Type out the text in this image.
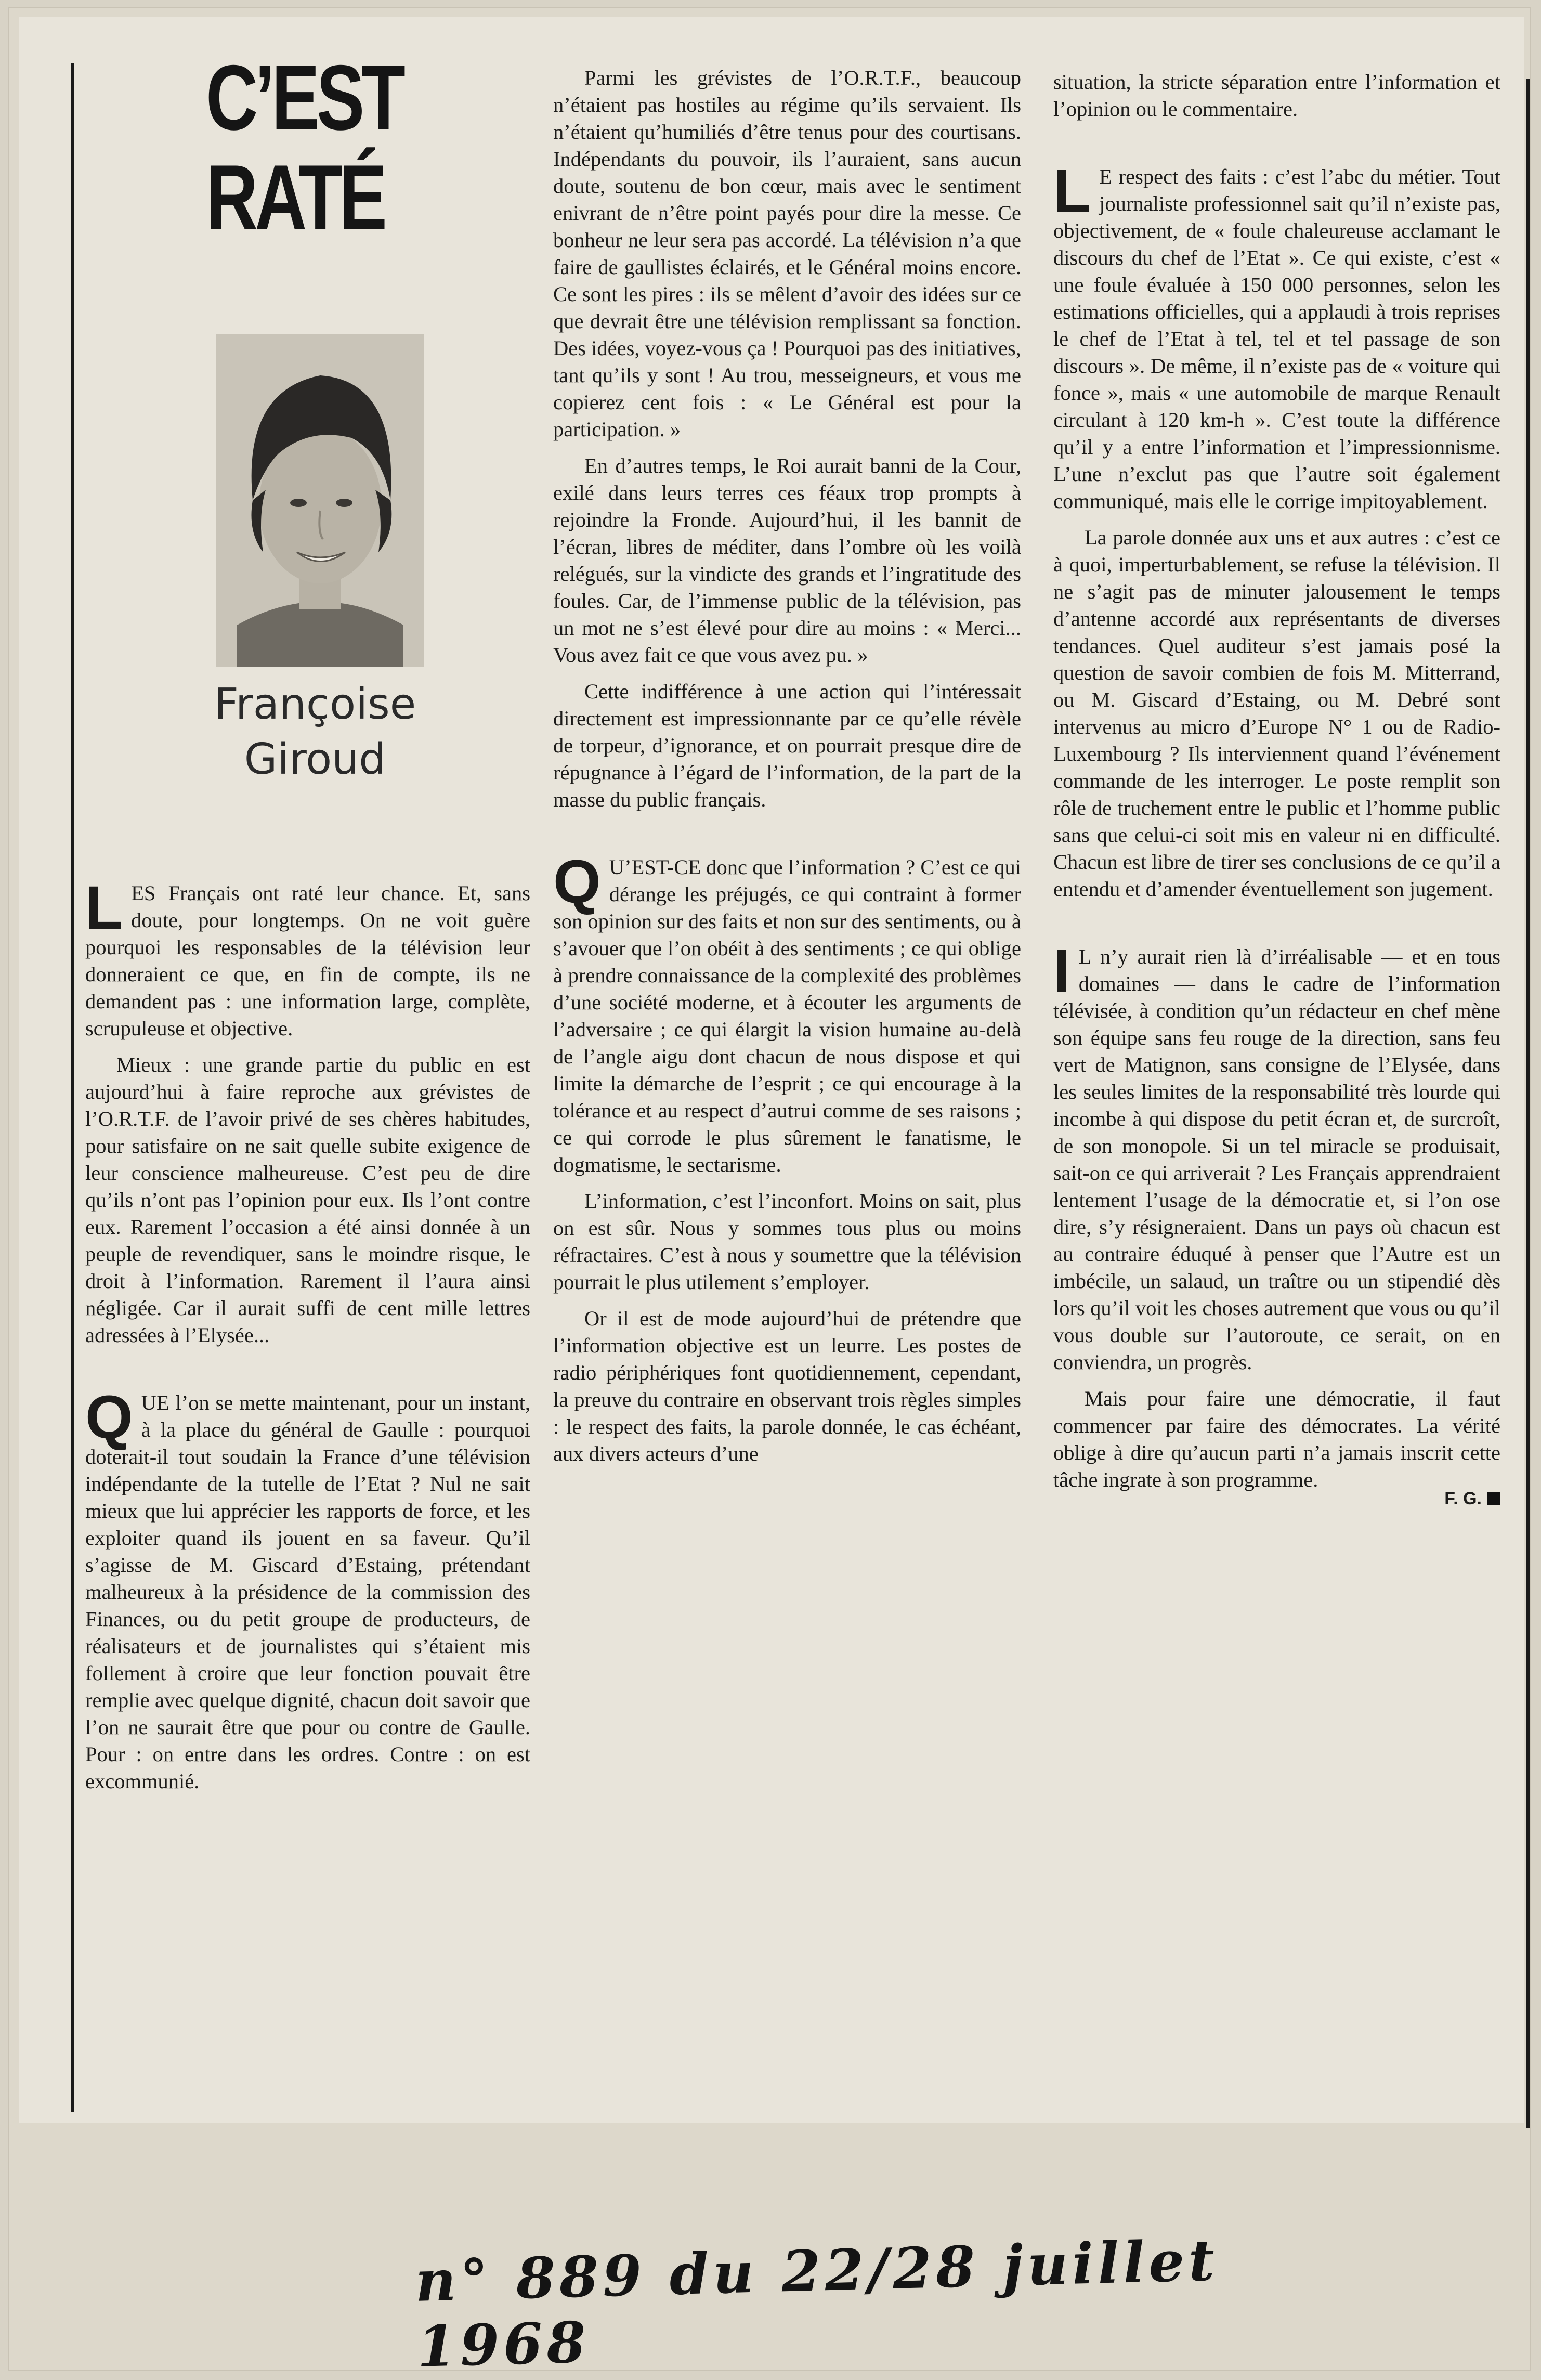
C’EST
RATÉ
Françoise
Giroud

LES Français ont raté leur chance. Et, sans doute, pour longtemps. On ne voit guère pourquoi les responsables de la télévision leur donneraient ce que, en fin de compte, ils ne demandent pas : une information large, complète, scrupuleuse et objective.

Mieux : une grande partie du public en est aujourd’hui à faire reproche aux grévistes de l’O.R.T.F. de l’avoir privé de ses chères habitudes, pour satisfaire on ne sait quelle subite exigence de leur conscience malheureuse. C’est peu de dire qu’ils n’ont pas l’opinion pour eux. Ils l’ont contre eux. Rarement l’occasion a été ainsi donnée à un peuple de revendiquer, sans le moindre risque, le droit à l’information. Rarement il l’aura ainsi négligée. Car il aurait suffi de cent mille lettres adressées à l’Elysée...

QUE l’on se mette maintenant, pour un instant, à la place du général de Gaulle : pourquoi doterait-il tout soudain la France d’une télévision indépendante de la tutelle de l’Etat ? Nul ne sait mieux que lui apprécier les rapports de force, et les exploiter quand ils jouent en sa faveur. Qu’il s’agisse de M. Giscard d’Estaing, prétendant malheureux à la présidence de la commission des Finances, ou du petit groupe de producteurs, de réalisateurs et de journalistes qui s’étaient mis follement à croire que leur fonction pouvait être remplie avec quelque dignité, chacun doit savoir que l’on ne saurait être que pour ou contre de Gaulle. Pour : on entre dans les ordres. Contre : on est excommunié.

Parmi les grévistes de l’O.R.T.F., beaucoup n’étaient pas hostiles au régime qu’ils servaient. Ils n’étaient qu’humiliés d’être tenus pour des courtisans. Indépendants du pouvoir, ils l’auraient, sans aucun doute, soutenu de bon cœur, mais avec le sentiment enivrant de n’être point payés pour dire la messe. Ce bonheur ne leur sera pas accordé. La télévision n’a que faire de gaullistes éclairés, et le Général moins encore. Ce sont les pires : ils se mêlent d’avoir des idées sur ce que devrait être une télévision remplissant sa fonction. Des idées, voyez-vous ça ! Pourquoi pas des initiatives, tant qu’ils y sont ! Au trou, messeigneurs, et vous me copierez cent fois : « Le Général est pour la participation. »

En d’autres temps, le Roi aurait banni de la Cour, exilé dans leurs terres ces féaux trop prompts à rejoindre la Fronde. Aujourd’hui, il les bannit de l’écran, libres de méditer, dans l’ombre où les voilà relégués, sur la vindicte des grands et l’ingratitude des foules. Car, de l’immense public de la télévision, pas un mot ne s’est élevé pour dire au moins : « Merci... Vous avez fait ce que vous avez pu. »

Cette indifférence à une action qui l’intéressait directement est impressionnante par ce qu’elle révèle de torpeur, d’ignorance, et on pourrait presque dire de répugnance à l’égard de l’information, de la part de la masse du public français.

Q U’EST-CE donc que l’information ? C’est ce qui dérange les préjugés, ce qui contraint à former son opinion sur des faits et non sur des sentiments, ou à s’avouer que l’on obéit à des sentiments ; ce qui oblige à prendre connaissance de la complexité des problèmes d’une société moderne, et à écouter les arguments de l’adversaire ; ce qui élargit la vision humaine au-delà de l’angle aigu dont chacun de nous dispose et qui limite la démarche de l’esprit ; ce qui encourage à la tolérance et au respect d’autrui comme de ses raisons ; ce qui corrode le plus sûrement le fanatisme, le dogmatisme, le sectarisme.

L’information, c’est l’inconfort. Moins on sait, plus on est sûr. Nous y sommes tous plus ou moins réfractaires. C’est à nous y soumettre que la télévision pourrait le plus utilement s’employer.

Or il est de mode aujourd’hui de prétendre que l’information objective est un leurre. Les postes de radio périphériques font quotidiennement, cependant, la preuve du contraire en observant trois règles simples : le respect des faits, la parole donnée, le cas échéant, aux divers acteurs d’une

situation, la stricte séparation entre l’information et l’opinion ou le commentaire.

L E respect des faits : c’est l’abc du métier. Tout journaliste professionnel sait qu’il n’existe pas, objectivement, de « foule chaleureuse acclamant le discours du chef de l’Etat ». Ce qui existe, c’est « une foule évaluée à 150 000 personnes, selon les estimations officielles, qui a applaudi à trois reprises le chef de l’Etat à tel, tel et tel passage de son discours ». De même, il n’existe pas de « voiture qui fonce », mais « une automobile de marque Renault circulant à 120 km-h ». C’est toute la différence qu’il y a entre l’information et l’impressionnisme. L’une n’exclut pas que l’autre soit également communiqué, mais elle le corrige impitoyablement.

La parole donnée aux uns et aux autres : c’est ce à quoi, imperturbablement, se refuse la télévision. Il ne s’agit pas de minuter jalousement le temps d’antenne accordé aux représentants de diverses tendances. Quel auditeur s’est jamais posé la question de savoir combien de fois M. Mitterrand, ou M. Giscard d’Estaing, ou M. Debré sont intervenus au micro d’Europe N° 1 ou de Radio-Luxembourg ? Ils interviennent quand l’événement commande de les interroger. Le poste remplit son rôle de truchement entre le public et l’homme public sans que celui-ci soit mis en valeur ni en difficulté. Chacun est libre de tirer ses conclusions de ce qu’il a entendu et d’amender éventuellement son jugement.

I L n’y aurait rien là d’irréalisable — et en tous domaines — dans le cadre de l’information télévisée, à condition qu’un rédacteur en chef mène son équipe sans feu rouge de la direction, sans feu vert de Matignon, sans consigne de l’Elysée, dans les seules limites de la responsabilité très lourde qui incombe à qui dispose du petit écran et, de surcroît, de son monopole. Si un tel miracle se produisait, sait-on ce qui arriverait ? Les Français apprendraient lentement l’usage de la démocratie et, si l’on ose dire, s’y résigneraient. Dans un pays où chacun est au contraire éduqué à penser que l’Autre est un imbécile, un salaud, un traître ou un stipendié dès lors qu’il voit les choses autrement que vous ou qu’il vous double sur l’autoroute, ce serait, on en conviendra, un progrès.

Mais pour faire une démocratie, il faut commencer par faire des démocrates. La vérité oblige à dire qu’aucun parti n’a jamais inscrit cette tâche ingrate à son programme.

F. G.
n° 889 du 22/28 juillet 1968
